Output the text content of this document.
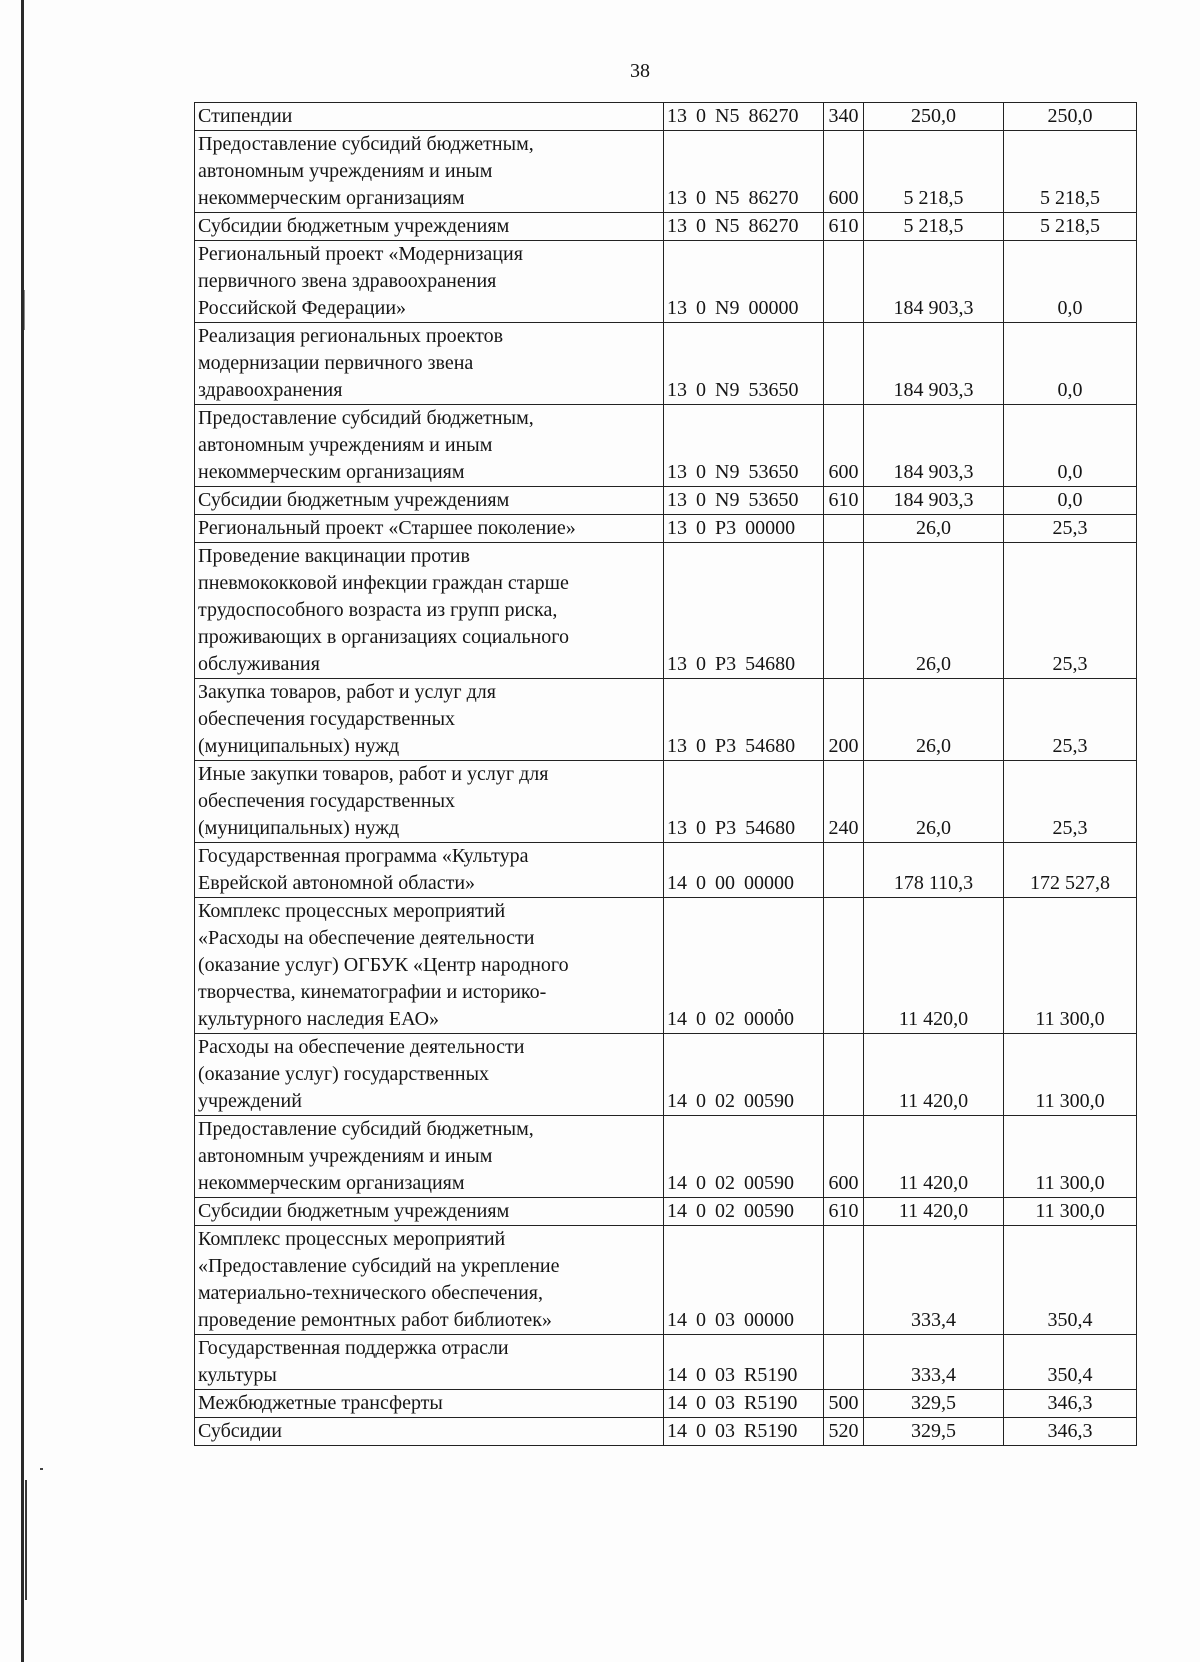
38
Стипендии	13 0 N5 86270	340	250,0	250,0
Предоставление субсидий бюджетным,
автономным учреждениям и иным
некоммерческим организациям	13 0 N5 86270	600	5 218,5	5 218,5
Субсидии бюджетным учреждениям	13 0 N5 86270	610	5 218,5	5 218,5
Региональный проект «Модернизация
первичного звена здравоохранения
Российской Федерации»	13 0 N9 00000		184 903,3	0,0
Реализация региональных проектов
модернизации первичного звена
здравоохранения	13 0 N9 53650		184 903,3	0,0
Предоставление субсидий бюджетным,
автономным учреждениям и иным
некоммерческим организациям	13 0 N9 53650	600	184 903,3	0,0
Субсидии бюджетным учреждениям	13 0 N9 53650	610	184 903,3	0,0
Региональный проект «Старшее поколение»	13 0 P3 00000		26,0	25,3
Проведение вакцинации против
пневмококковой инфекции граждан старше
трудоспособного возраста из групп риска,
проживающих в организациях социального
обслуживания	13 0 P3 54680		26,0	25,3
Закупка товаров, работ и услуг для
обеспечения государственных
(муниципальных) нужд	13 0 P3 54680	200	26,0	25,3
Иные закупки товаров, работ и услуг для
обеспечения государственных
(муниципальных) нужд	13 0 P3 54680	240	26,0	25,3
Государственная программа «Культура
Еврейской автономной области»	14 0 00 00000		178 110,3	172 527,8
Комплекс процессных мероприятий
«Расходы на обеспечение деятельности
(оказание услуг) ОГБУК «Центр народного
творчества, кинематографии и историко-
культурного наследия ЕАО»	14 0 02 00000		11 420,0	11 300,0
Расходы на обеспечение деятельности
(оказание услуг) государственных
учреждений	14 0 02 00590		11 420,0	11 300,0
Предоставление субсидий бюджетным,
автономным учреждениям и иным
некоммерческим организациям	14 0 02 00590	600	11 420,0	11 300,0
Субсидии бюджетным учреждениям	14 0 02 00590	610	11 420,0	11 300,0
Комплекс процессных мероприятий
«Предоставление субсидий на укрепление
материально-технического обеспечения,
проведение ремонтных работ библиотек»	14 0 03 00000		333,4	350,4
Государственная поддержка отрасли
культуры	14 0 03 R5190		333,4	350,4
Межбюджетные трансферты	14 0 03 R5190	500	329,5	346,3
Субсидии	14 0 03 R5190	520	329,5	346,3
